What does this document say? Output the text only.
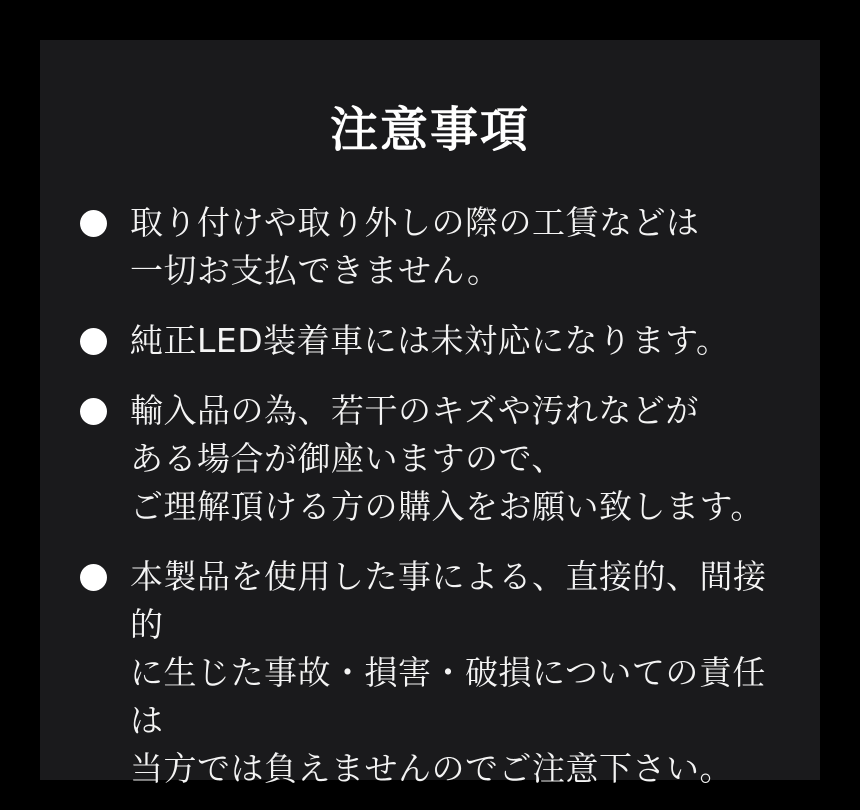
注意事項
取り付けや取り外しの際の工賃などは
一切お支払できません。
純正LED装着車には未対応になります。
輸入品の為、若干のキズや汚れなどが
ある場合が御座いますので、
ご理解頂ける方の購入をお願い致します。
本製品を使用した事による、直接的、間接的
に生じた事故・損害・破損についての責任は
当方では負えませんのでご注意下さい。
